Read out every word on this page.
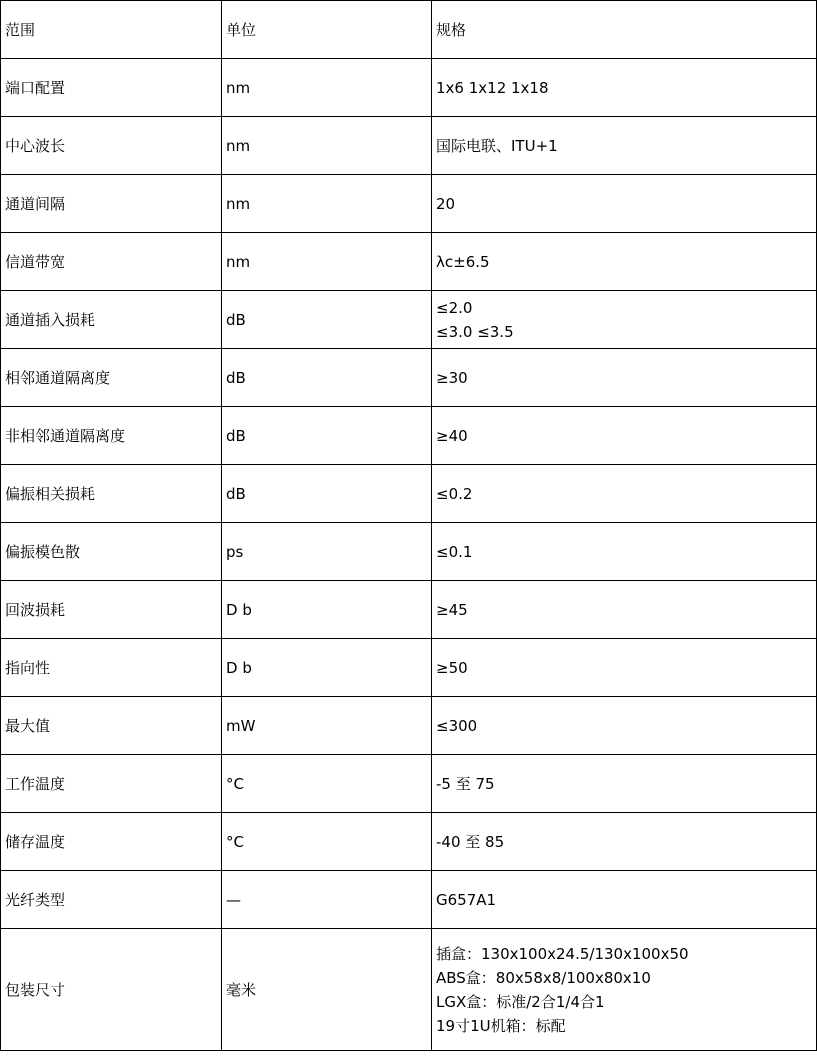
范围	单位	规格
端口配置	nm	1x6 1x12 1x18
中心波长	nm	国际电联、ITU+1
通道间隔	nm	20
信道带宽	nm	λc±6.5
通道插入损耗	dB	≤2.0
≤3.0 ≤3.5
相邻通道隔离度	dB	≥30
非相邻通道隔离度	dB	≥40
偏振相关损耗	dB	≤0.2
偏振模色散	ps	≤0.1
回波损耗	D b	≥45
指向性	D b	≥50
最大值	mW	≤300
工作温度	°C	-5 至 75
储存温度	°C	-40 至 85
光纤类型	—	G657A1
包装尺寸	毫米	插盒：130x100x24.5/130x100x50
ABS盒：80x58x8/100x80x10
LGX盒：标准/2合1/4合1
19寸1U机箱：标配
